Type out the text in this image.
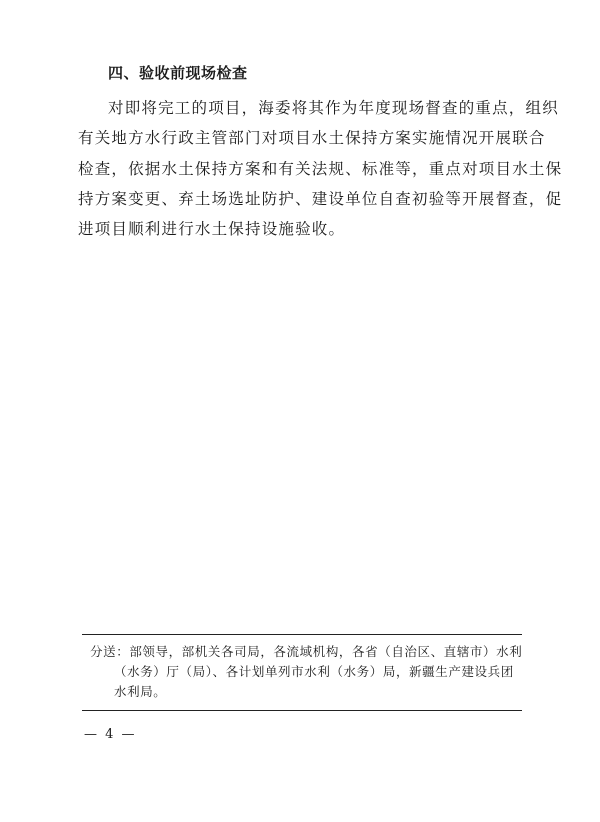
四、验收前现场检查
对即将完工的项目，海委将其作为年度现场督查的重点，组织
有关地方水行政主管部门对项目水土保持方案实施情况开展联合
检查，依据水土保持方案和有关法规、标准等，重点对项目水土保
持方案变更、弃土场选址防护、建设单位自查初验等开展督查，促
进项目顺利进行水土保持设施验收。
分送：部领导，部机关各司局，各流域机构，各省（自治区、直辖市）水利
（水务）厅（局）、各计划单列市水利（水务）局，新疆生产建设兵团
水利局。
— 4 —
